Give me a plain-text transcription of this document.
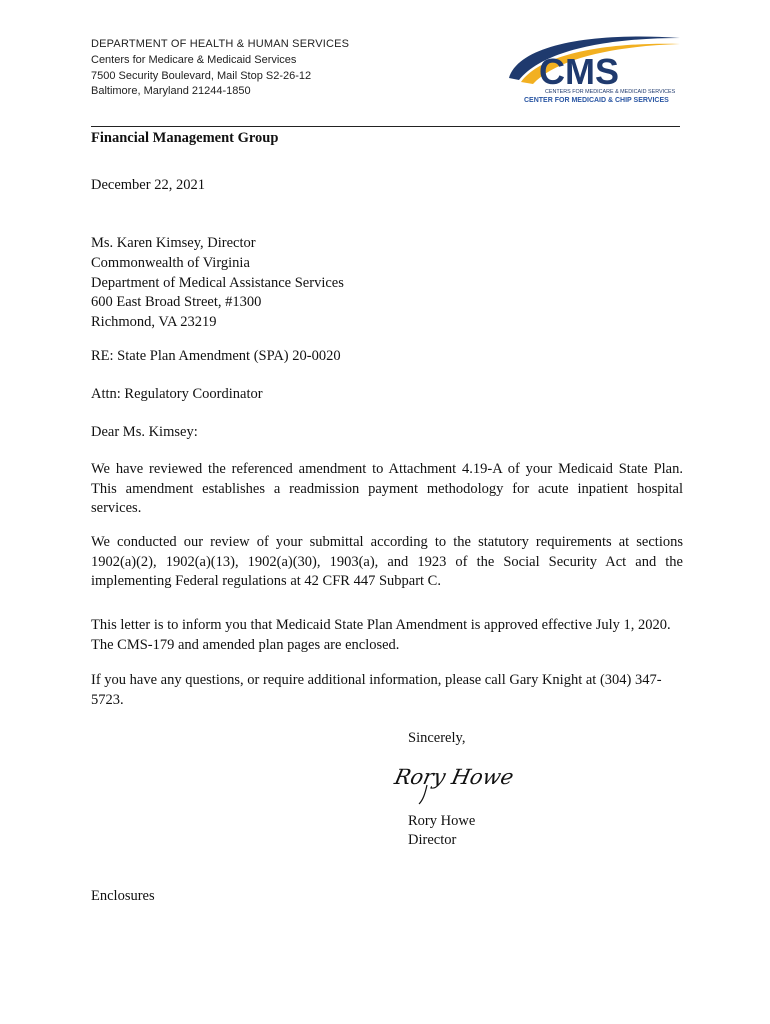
DEPARTMENT OF HEALTH & HUMAN SERVICES
Centers for Medicare & Medicaid Services
7500 Security Boulevard, Mail Stop S2-26-12
Baltimore, Maryland 21244-1850	CMS
CENTERS FOR MEDICARE & MEDICAID SERVICES
CENTER FOR MEDICAID & CHIP SERVICES
Financial Management Group
December 22, 2021
Ms. Karen Kimsey, Director
Commonwealth of Virginia
Department of Medical Assistance Services
600 East Broad Street, #1300
Richmond, VA 23219
RE: State Plan Amendment (SPA) 20-0020
Attn: Regulatory Coordinator
Dear Ms. Kimsey:
We have reviewed the referenced amendment to Attachment 4.19-A of your Medicaid State Plan. This amendment establishes a readmission payment methodology for acute inpatient hospital services.
We conducted our review of your submittal according to the statutory requirements at sections 1902(a)(2), 1902(a)(13), 1902(a)(30), 1903(a), and 1923 of the Social Security Act and the implementing Federal regulations at 42 CFR 447 Subpart C.
This letter is to inform you that Medicaid State Plan Amendment is approved effective July 1, 2020. The CMS-179 and amended plan pages are enclosed.
If you have any questions, or require additional information, please call Gary Knight at (304) 347-5723.
Sincerely,
Rory Howe
Rory Howe
Director
Enclosures
